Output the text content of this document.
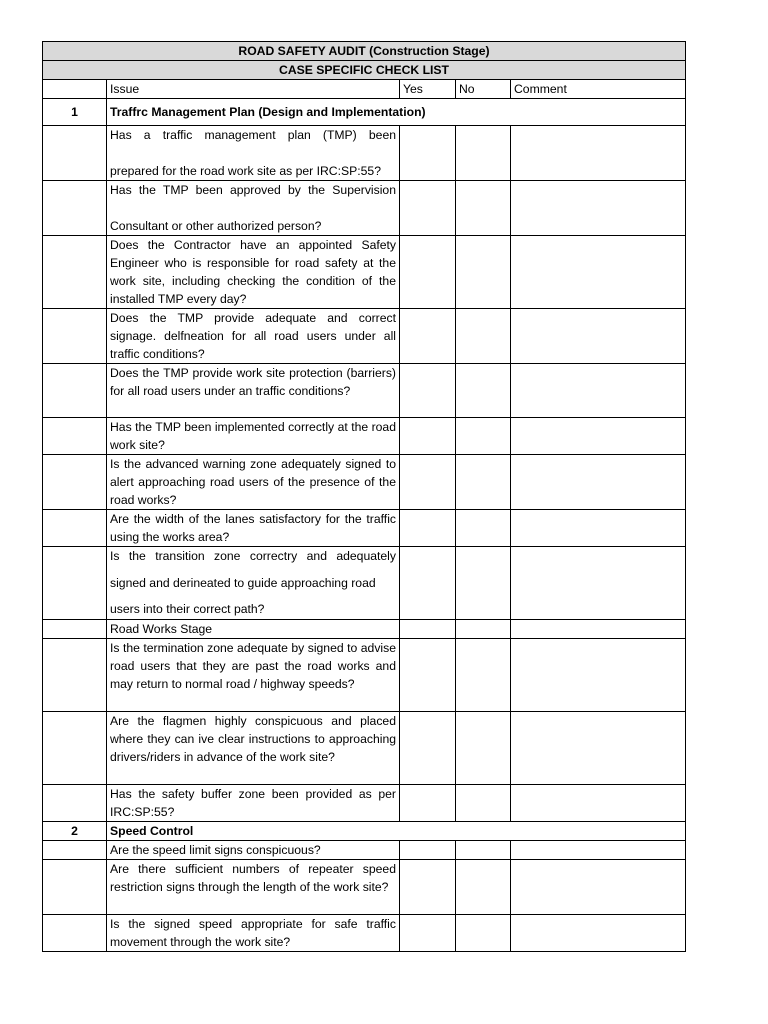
ROAD SAFETY AUDIT (Construction Stage)				
CASE SPECIFIC CHECK LIST				
	Issue	Yes	No	Comment
1	Traffrc Management Plan (Design and Implementation)			

	Has a traffic management plan (TMP) been
prepared for the road work site as per IRC:SP:55?			

	Has the TMP been approved by the Supervision
Consultant or other authorized person?			

	Does the Contractor have an appointed Safety Engineer who is responsible for road safety at the work site, including checking the condition of the installed TMP every day?			
	Does the TMP provide adequate and correct signage. delfneation for all road users under all traffic conditions?			
	Does the TMP provide work site protection (barriers) for all road users under an traffic conditions?			
	Has the TMP been implemented correctly at the road work site?			
	Is the advanced warning zone adequately signed to alert approaching road users of the presence of the road works?			
	Are the width of the lanes satisfactory for the traffic using the works area?			

	Is the transition zone correctry and adequately
signed and derineated to guide approaching road
users into their correct path?			

	Road Works Stage			
	Is the termination zone adequate by signed to advise road users that they are past the road works and may return to normal road / highway speeds?			
	Are the flagmen highly conspicuous and placed where they can ive clear instructions to approaching drivers/riders in advance of the work site?			
	Has the safety buffer zone been provided as per IRC:SP:55?			
2	Speed Control			
	Are the speed limit signs conspicuous?			
	Are there sufficient numbers of repeater speed restriction signs through the length of the work site?			
	Is the signed speed appropriate for safe traffic movement through the work site?			
